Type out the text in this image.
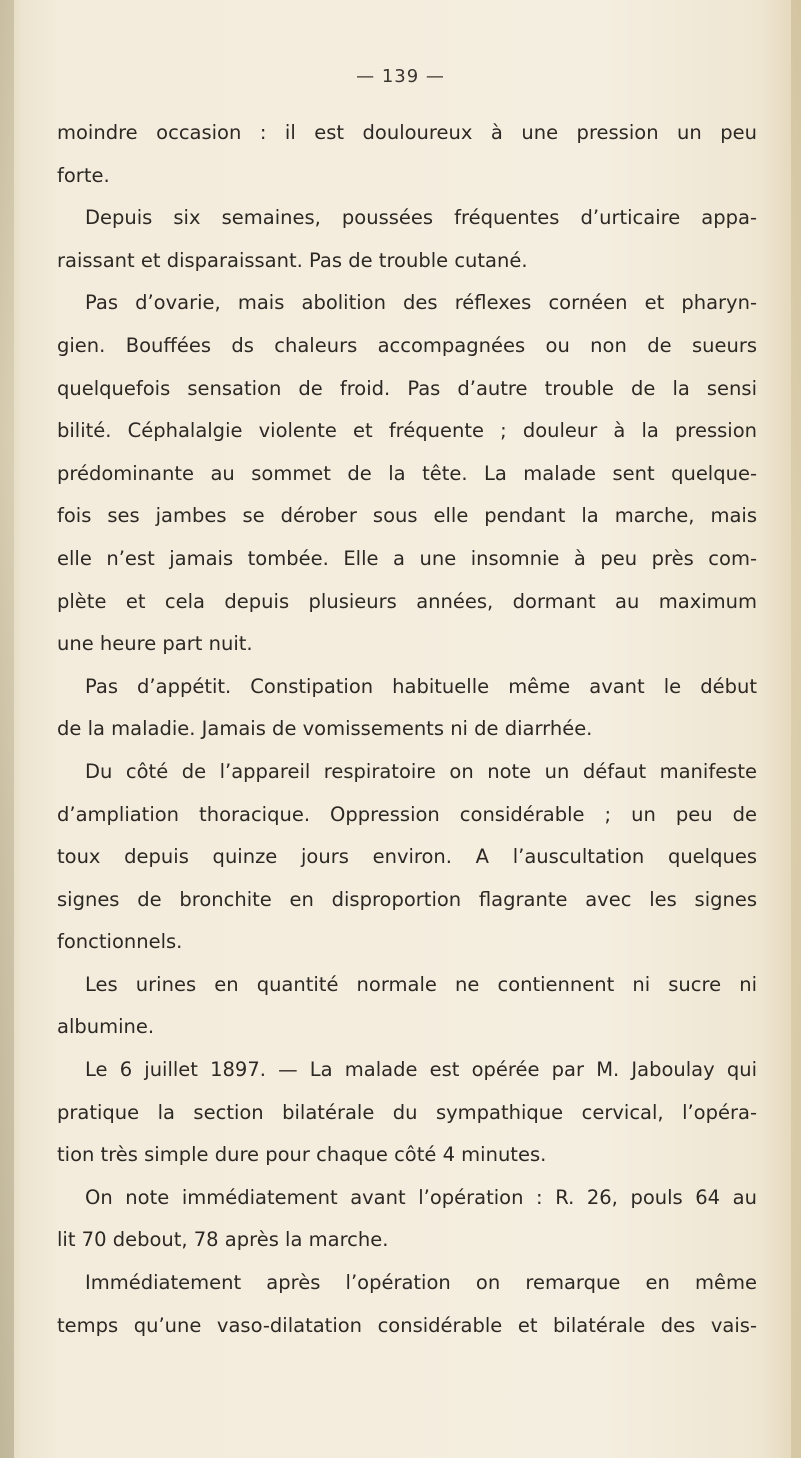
— 139 —
moindre occasion : il est douloureux à une pression un peu
forte.
Depuis six semaines, poussées fréquentes d’urticaire appa-
raissant et disparaissant. Pas de trouble cutané.
Pas d’ovarie, mais abolition des réflexes cornéen et pharyn-
gien. Bouffées ds chaleurs accompagnées ou non de sueurs
quelquefois sensation de froid. Pas d’autre trouble de la sensi
bilité. Céphalalgie violente et fréquente ; douleur à la pression
prédominante au sommet de la tête. La malade sent quelque-
fois ses jambes se dérober sous elle pendant la marche, mais
elle n’est jamais tombée. Elle a une insomnie à peu près com-
plète et cela depuis plusieurs années, dormant au maximum
une heure part nuit.
Pas d’appétit. Constipation habituelle même avant le début
de la maladie. Jamais de vomissements ni de diarrhée.
Du côté de l’appareil respiratoire on note un défaut manifeste
d’ampliation thoracique. Oppression considérable ; un peu de
toux depuis quinze jours environ. A l’auscultation quelques
signes de bronchite en disproportion flagrante avec les signes
fonctionnels.
Les urines en quantité normale ne contiennent ni sucre ni
albumine.
Le 6 juillet 1897. — La malade est opérée par M. Jaboulay qui
pratique la section bilatérale du sympathique cervical, l’opéra-
tion très simple dure pour chaque côté 4 minutes.
On note immédiatement avant l’opération : R. 26, pouls 64 au
lit 70 debout, 78 après la marche.
Immédiatement après l’opération on remarque en même
temps qu’une vaso-dilatation considérable et bilatérale des vais-
